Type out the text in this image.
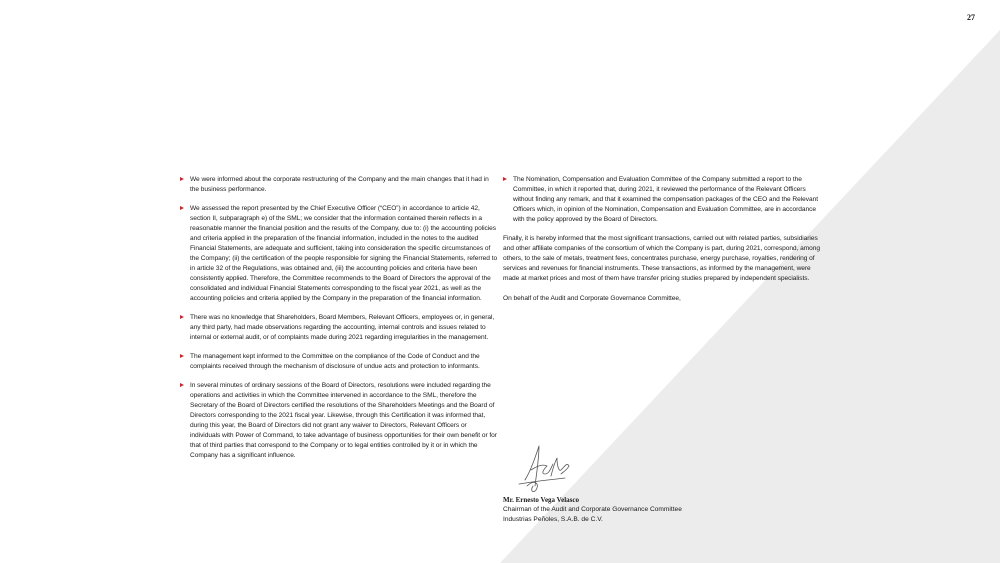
27
We were informed about the corporate restructuring of the Company and the main changes that it had in the business performance.
We assessed the report presented by the Chief Executive Officer (“CEO”) in accordance to article 42, section II, subparagraph e) of the SML; we consider that the information contained therein reflects in a reasonable manner the financial position and the results of the Company, due to: (i) the accounting policies and criteria applied in the preparation of the financial information, included in the notes to the audited Financial Statements, are adequate and sufficient, taking into consideration the specific circumstances of the Company; (ii) the certification of the people responsible for signing the Financial Statements, referred to in article 32 of the Regulations, was obtained and, (iii) the accounting policies and criteria have been consistently applied. Therefore, the Committee recommends to the Board of Directors the approval of the consolidated and individual Financial Statements corresponding to the fiscal year 2021, as well as the accounting policies and criteria applied by the Company in the preparation of the financial information.
There was no knowledge that Shareholders, Board Members, Relevant Officers, employees or, in general, any third party, had made observations regarding the accounting, internal controls and issues related to internal or external audit, or of complaints made during 2021 regarding irregularities in the management.
The management kept informed to the Committee on the compliance of the Code of Conduct and the complaints received through the mechanism of disclosure of undue acts and protection to informants.
In several minutes of ordinary sessions of the Board of Directors, resolutions were included regarding the operations and activities in which the Committee intervened in accordance to the SML, therefore the Secretary of the Board of Directors certified the resolutions of the Shareholders Meetings and the Board of Directors corresponding to the 2021 fiscal year. Likewise, through this Certification it was informed that, during this year, the Board of Directors did not grant any waiver to Directors, Relevant Officers or individuals with Power of Command, to take advantage of business opportunities for their own benefit or for that of third parties that correspond to the Company or to legal entities controlled by it or in which the Company has a significant influence.
The Nomination, Compensation and Evaluation Committee of the Company submitted a report to the Committee, in which it reported that, during 2021, it reviewed the performance of the Relevant Officers without finding any remark, and that it examined the compensation packages of the CEO and the Relevant Officers which, in opinion of the Nomination, Compensation and Evaluation Committee, are in accordance with the policy approved by the Board of Directors.

Finally, it is hereby informed that the most significant transactions, carried out with related parties, subsidiaries and other affiliate companies of the consortium of which the Company is part, during 2021, correspond, among others, to the sale of metals, treatment fees, concentrates purchase, energy purchase, royalties, rendering of services and revenues for financial instruments. These transactions, as informed by the management, were made at market prices and most of them have transfer pricing studies prepared by independent specialists.

On behalf of the Audit and Corporate Governance Committee,

Mr. Ernesto Vega Velasco
Chairman of the Audit and Corporate Governance Committee
Industrias Peñoles, S.A.B. de C.V.
